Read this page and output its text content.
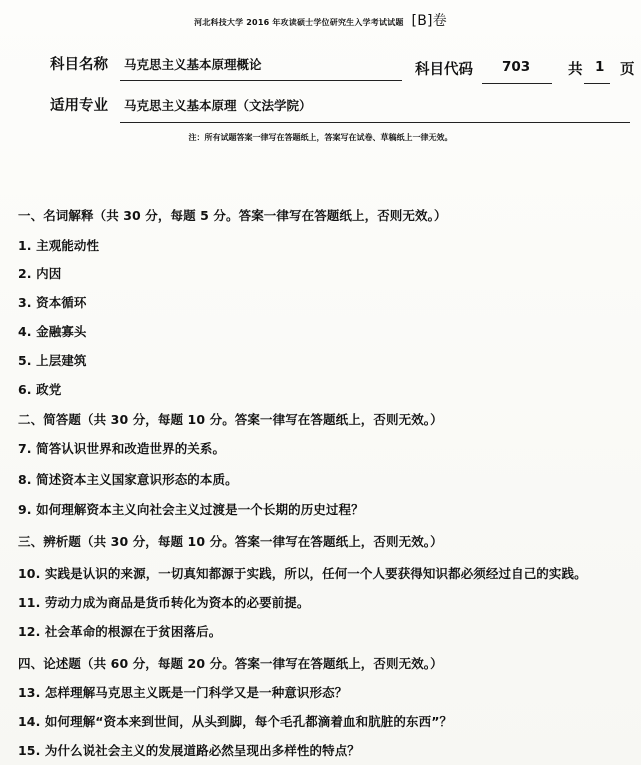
河北科技大学 2016 年攻读硕士学位研究生入学考试试题 [B]卷
科目名称 马克思主义基本原理概论	科目代码 703	共 1 页
适用专业 马克思主义基本原理（文法学院）
注：所有试题答案一律写在答题纸上，答案写在试卷、草稿纸上一律无效。
一、名词解释（共 30 分，每题 5 分。答案一律写在答题纸上，否则无效。）
1. 主观能动性
2. 内因
3. 资本循环
4. 金融寡头
5. 上层建筑
6. 政党
二、简答题（共 30 分，每题 10 分。答案一律写在答题纸上，否则无效。）
7. 简答认识世界和改造世界的关系。
8. 简述资本主义国家意识形态的本质。
9. 如何理解资本主义向社会主义过渡是一个长期的历史过程？
三、辨析题（共 30 分，每题 10 分。答案一律写在答题纸上，否则无效。）
10. 实践是认识的来源，一切真知都源于实践，所以，任何一个人要获得知识都必须经过自己的实践。
11. 劳动力成为商品是货币转化为资本的必要前提。
12. 社会革命的根源在于贫困落后。
四、论述题（共 60 分，每题 20 分。答案一律写在答题纸上，否则无效。）
13. 怎样理解马克思主义既是一门科学又是一种意识形态？
14. 如何理解“资本来到世间，从头到脚，每个毛孔都滴着血和肮脏的东西”？
15. 为什么说社会主义的发展道路必然呈现出多样性的特点？
